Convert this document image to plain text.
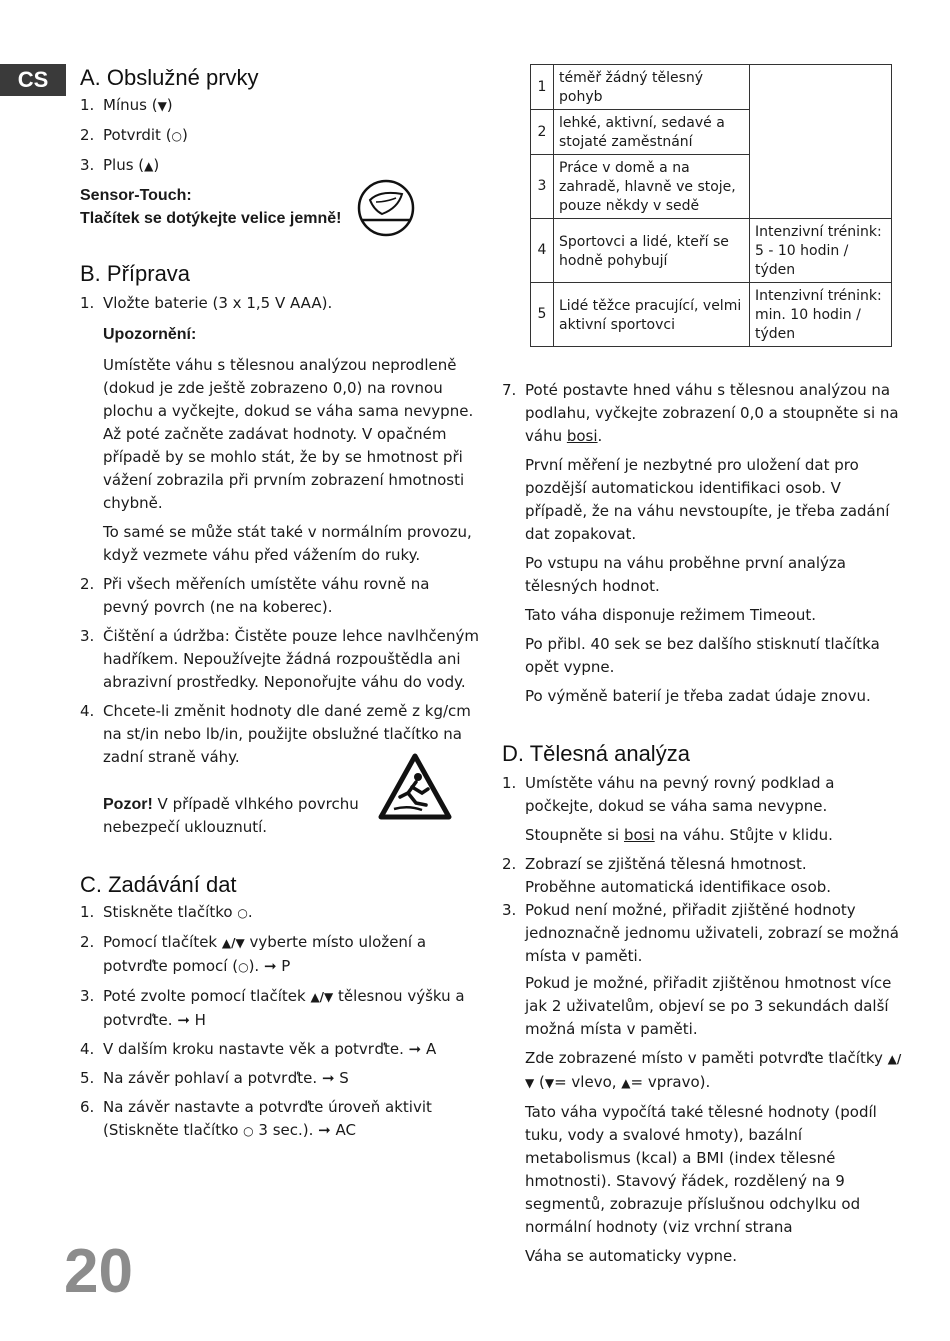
CS	A. Obslužné prvky
1. Mínus (▼)
2. Potvrdit (○)
3. Plus (▲)
Sensor-Touch:
Tlačítek se dotýkejte velice jemně!
B. Příprava
1. Vložte baterie (3 x 1,5 V AAA).
Upozornění:
Umístěte váhu s tělesnou analýzou neprodleně (dokud je zde ještě zobrazeno 0,0) na rovnou plochu a vyčkejte, dokud se váha sama nevypne. Až poté začněte zadávat hodnoty. V opačném případě by se mohlo stát, že by se hmotnost při vážení zobrazila při prvním zobrazení hmotnosti chybně.
To samé se může stát také v normálním provozu, když vezmete váhu před vážením do ruky.
2. Při všech měřeních umístěte váhu rovně na pevný povrch (ne na koberec).
3. Čištění a údržba: Čistěte pouze lehce navlhčeným hadříkem. Nepoužívejte žádná rozpouštědla ani abrazivní prostředky. Neponořujte váhu do vody.
4. Chcete-li změnit hodnoty dle dané země z kg/cm na st/in nebo lb/in, použijte obslužné tlačítko na zadní straně váhy.
Pozor! V případě vlhkého povrchu nebezpečí uklouznutí.
C. Zadávání dat
1. Stiskněte tlačítko ○.
2. Pomocí tlačítek ▲/▼ vyberte místo uložení a potvrďte pomocí (○). ➞ P
3. Poté zvolte pomocí tlačítek ▲/▼ tělesnou výšku a potvrďte. ➞ H
4. V dalším kroku nastavte věk a potvrďte. ➞ A
5. Na závěr pohlaví a potvrďte. ➞ S
6. Na závěr nastavte a potvrďte úroveň aktivit (Stiskněte tlačítko ○ 3 sec.). ➞ AC
1	téměř žádný tělesný pohyb	
2	lehké, aktivní, sedavé a stojaté zaměstnání	
3	Práce v domě a na zahradě, hlavně ve stoje, pouze někdy v sedě	
4	Sportovci a lidé, kteří se hodně pohybují	Intenzivní trénink: 5 - 10 hodin / týden
5	Lidé těžce pracující, velmi aktivní sportovci	Intenzivní trénink: min. 10 hodin / týden
7. Poté postavte hned váhu s tělesnou analýzou na podlahu, vyčkejte zobrazení 0,0 a stoupněte si na váhu bosi.
První měření je nezbytné pro uložení dat pro pozdější automatickou identifikaci osob. V případě, že na váhu nevstoupíte, je třeba zadání dat zopakovat.
Po vstupu na váhu proběhne první analýza tělesných hodnot.
Tato váha disponuje režimem Timeout.
Po přibl. 40 sek se bez dalšího stisknutí tlačítka opět vypne.
Po výměně baterií je třeba zadat údaje znovu.
D. Tělesná analýza
1. Umístěte váhu na pevný rovný podklad a počkejte, dokud se váha sama nevypne.
Stoupněte si bosi na váhu. Stůjte v klidu.
2. Zobrazí se zjištěná tělesná hmotnost.
Proběhne automatická identifikace osob.
3. Pokud není možné, přiřadit zjištěné hodnoty jednoznačně jednomu uživateli, zobrazí se možná místa v paměti.
Pokud je možné, přiřadit zjištěnou hmotnost více jak 2 uživatelům, objeví se po 3 sekundách další možná místa v paměti.
Zde zobrazené místo v paměti potvrďte tlačítky ▲/▼ (▼= vlevo, ▲= vpravo).
Tato váha vypočítá také tělesné hodnoty (podíl tuku, vody a svalové hmoty), bazální metabolismus (kcal) a BMI (index tělesné hmotnosti). Stavový řádek, rozdělený na 9 segmentů, zobrazuje příslušnou odchylku od normální hodnoty (viz vrchní strana
Váha se automaticky vypne.
20
